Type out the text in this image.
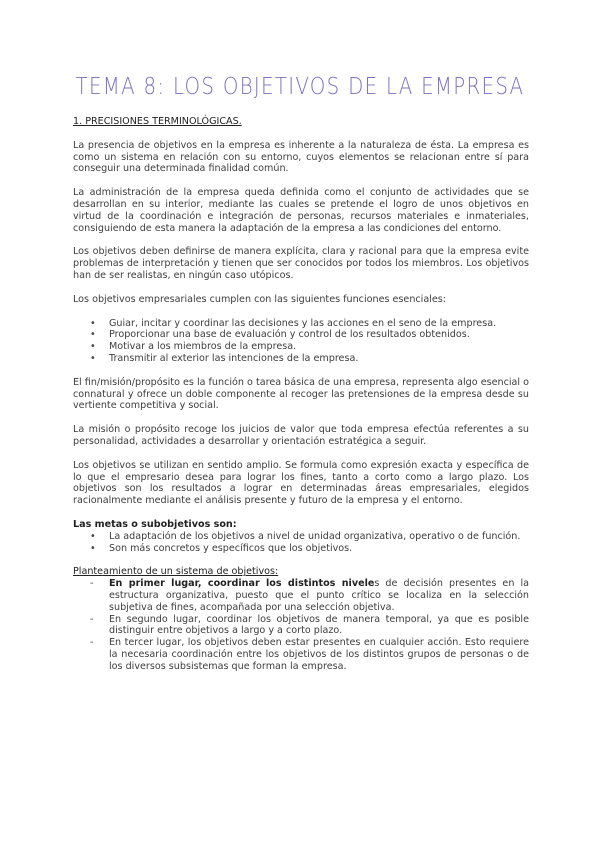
TEMA 8: LOS OBJETIVOS DE LA EMPRESA

1. PRECISIONES TERMINOLÓGICAS.

La presencia de objetivos en la empresa es inherente a la naturaleza de ésta. La empresa es como un sistema en relación con su entorno, cuyos elementos se relacionan entre sí para conseguir una determinada finalidad común.

La administración de la empresa queda definida como el conjunto de actividades que se desarrollan en su interior, mediante las cuales se pretende el logro de unos objetivos en virtud de la coordinación e integración de personas, recursos materiales e inmateriales, consiguiendo de esta manera la adaptación de la empresa a las condiciones del entorno.

Los objetivos deben definirse de manera explícita, clara y racional para que la empresa evite problemas de interpretación y tienen que ser conocidos por todos los miembros. Los objetivos han de ser realistas, en ningún caso utópicos.

Los objetivos empresariales cumplen con las siguientes funciones esenciales:

• Guiar, incitar y coordinar las decisiones y las acciones en el seno de la empresa.
• Proporcionar una base de evaluación y control de los resultados obtenidos.
• Motivar a los miembros de la empresa.
• Transmitir al exterior las intenciones de la empresa.

El fin/misión/propósito es la función o tarea básica de una empresa, representa algo esencial o connatural y ofrece un doble componente al recoger las pretensiones de la empresa desde su vertiente competitiva y social.

La misión o propósito recoge los juicios de valor que toda empresa efectúa referentes a su personalidad, actividades a desarrollar y orientación estratégica a seguir.

Los objetivos se utilizan en sentido amplio. Se formula como expresión exacta y específica de lo que el empresario desea para lograr los fines, tanto a corto como a largo plazo. Los objetivos son los resultados a lograr en determinadas áreas empresariales, elegidos racionalmente mediante el análisis presente y futuro de la empresa y el entorno.

Las metas o subobjetivos son:

• La adaptación de los objetivos a nivel de unidad organizativa, operativo o de función.
• Son más concretos y específicos que los objetivos.

Planteamiento de un sistema de objetivos:

- En primer lugar, coordinar los distintos niveles de decisión presentes en la estructura organizativa, puesto que el punto crítico se localiza en la selección subjetiva de fines, acompañada por una selección objetiva.
- En segundo lugar, coordinar los objetivos de manera temporal, ya que es posible distinguir entre objetivos a largo y a corto plazo.
- En tercer lugar, los objetivos deben estar presentes en cualquier acción. Esto requiere la necesaria coordinación entre los objetivos de los distintos grupos de personas o de los diversos subsistemas que forman la empresa.
